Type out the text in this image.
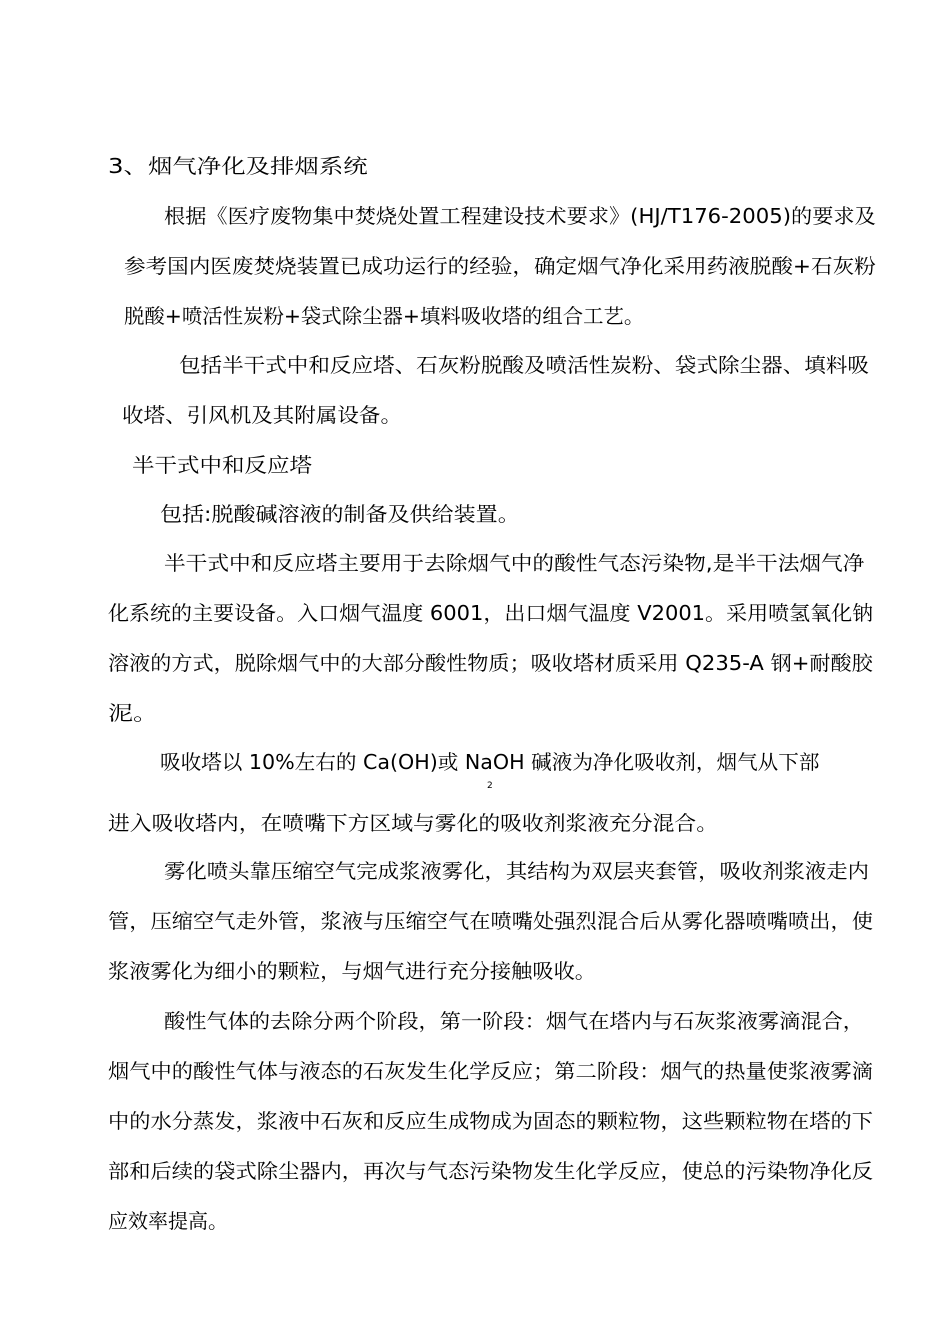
3、烟气净化及排烟系统
根据《医疗废物集中焚烧处置工程建设技术要求》(HJ/T176-2005)的要求及
参考国内医废焚烧装置已成功运行的经验，确定烟气净化采用药液脱酸+石灰粉
脱酸+喷活性炭粉+袋式除尘器+填料吸收塔的组合工艺。
包括半干式中和反应塔、石灰粉脱酸及喷活性炭粉、袋式除尘器、填料吸
收塔、引风机及其附属设备。
半干式中和反应塔
包括:脱酸碱溶液的制备及供给装置。
半干式中和反应塔主要用于去除烟气中的酸性气态污染物,是半干法烟气净
化系统的主要设备。入口烟气温度 6001，出口烟气温度 V2001。采用喷氢氧化钠
溶液的方式，脱除烟气中的大部分酸性物质；吸收塔材质采用 Q235-A 钢+耐酸胶
泥。
吸收塔以 10%左右的 Ca(OH)或 NaOH 碱液为净化吸收剂，烟气从下部
2
进入吸收塔内，在喷嘴下方区域与雾化的吸收剂浆液充分混合。
雾化喷头靠压缩空气完成浆液雾化，其结构为双层夹套管，吸收剂浆液走内
管，压缩空气走外管，浆液与压缩空气在喷嘴处强烈混合后从雾化器喷嘴喷出，使
浆液雾化为细小的颗粒，与烟气进行充分接触吸收。
酸性气体的去除分两个阶段，第一阶段：烟气在塔内与石灰浆液雾滴混合，
烟气中的酸性气体与液态的石灰发生化学反应；第二阶段：烟气的热量使浆液雾滴
中的水分蒸发，浆液中石灰和反应生成物成为固态的颗粒物，这些颗粒物在塔的下
部和后续的袋式除尘器内，再次与气态污染物发生化学反应，使总的污染物净化反
应效率提高。
